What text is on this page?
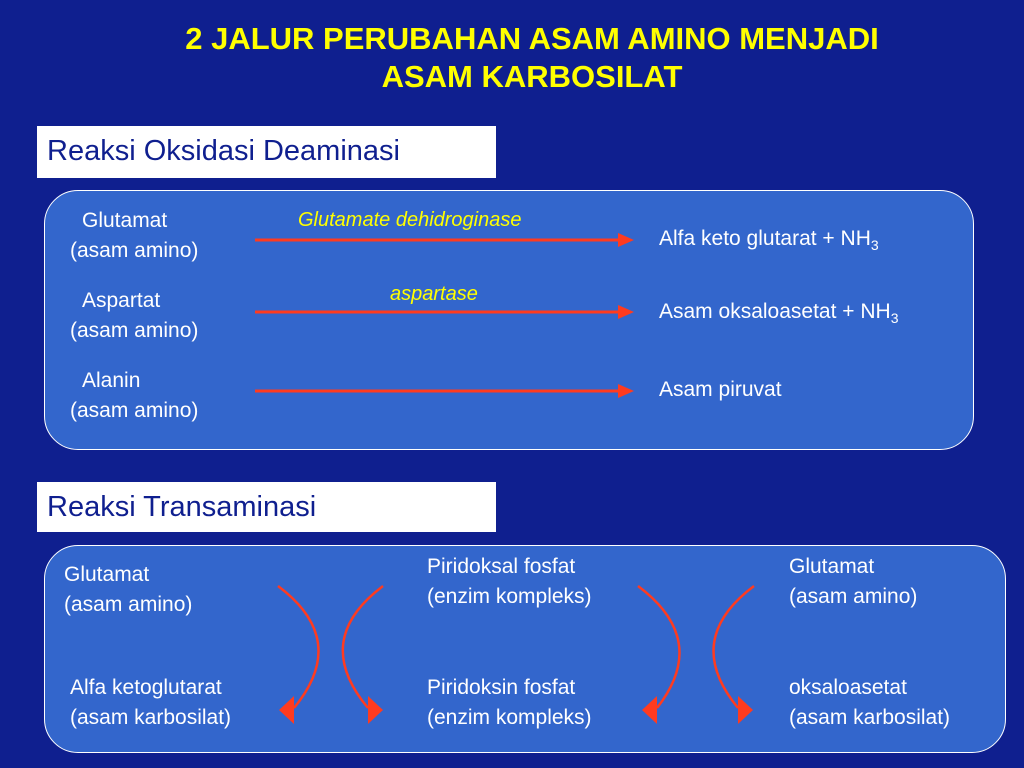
2 JALUR PERUBAHAN ASAM AMINO MENJADI
ASAM KARBOSILAT
Reaksi Oksidasi Deaminasi
Glutamat
(asam amino)
Glutamate dehidroginase
Alfa keto glutarat + $NH_3$
Aspartat
(asam amino)
aspartase
Asam oksaloasetat + $NH_3$
Alanin
(asam amino)
Asam piruvat
Reaksi Transaminasi
Glutamat
(asam amino)
Alfa ketoglutarat
(asam karbosilat)
Piridoksal fosfat
(enzim kompleks)
Piridoksin fosfat
(enzim kompleks)
Glutamat
(asam amino)
oksaloasetat
(asam karbosilat)
